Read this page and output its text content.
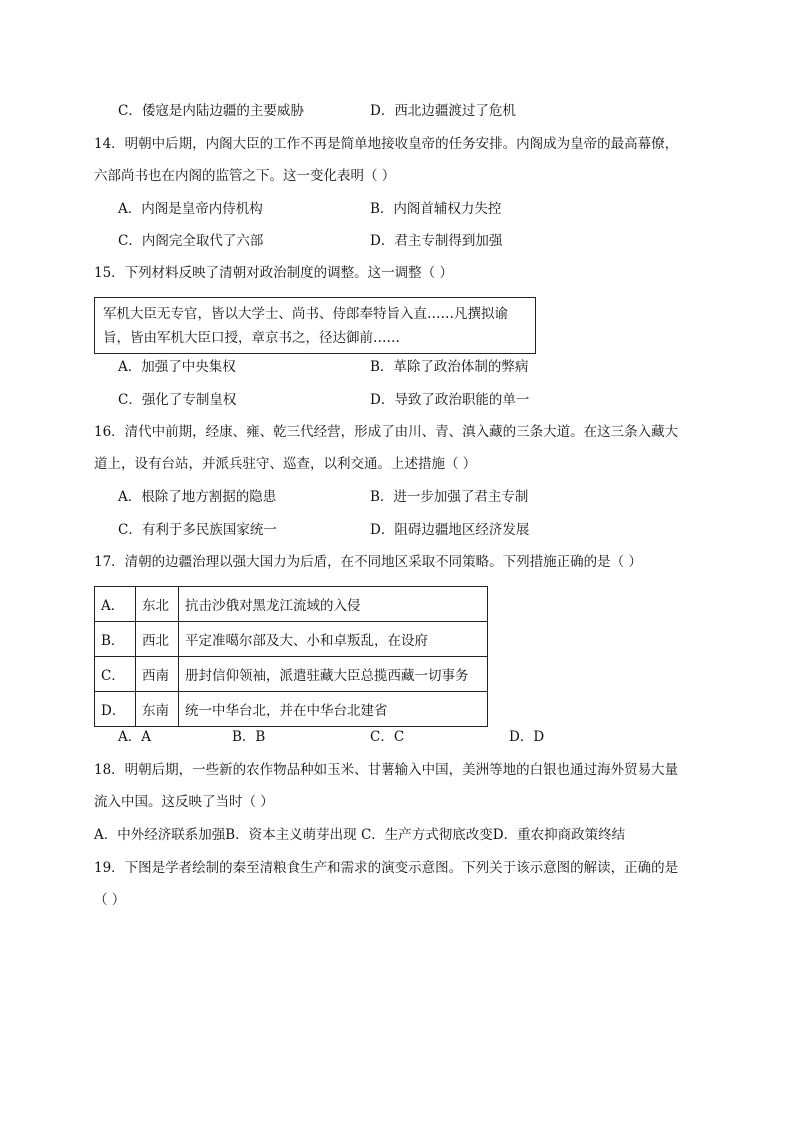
C．倭寇是内陆边疆的主要威胁	D．西北边疆渡过了危机
14．明朝中后期，内阁大臣的工作不再是简单地接收皇帝的任务安排。内阁成为皇帝的最高幕僚，
六部尚书也在内阁的监管之下。这一变化表明（ ）
A．内阁是皇帝内侍机构	B．内阁首辅权力失控
C．内阁完全取代了六部	D．君主专制得到加强
15．下列材料反映了清朝对政治制度的调整。这一调整（ ）
军机大臣无专官，皆以大学士、尚书、侍郎奉特旨入直……凡撰拟谕
旨，皆由军机大臣口授，章京书之，径达御前……
A．加强了中央集权	B．革除了政治体制的弊病
C．强化了专制皇权	D．导致了政治职能的单一
16．清代中前期，经康、雍、乾三代经营，形成了由川、青、滇入藏的三条大道。在这三条入藏大
道上，设有台站，并派兵驻守、巡查，以利交通。上述措施（ ）
A．根除了地方割据的隐患	B．进一步加强了君主专制
C．有利于多民族国家统一	D．阻碍边疆地区经济发展
17．清朝的边疆治理以强大国力为后盾，在不同地区采取不同策略。下列措施正确的是（ ）
A．	东北	抗击沙俄对黑龙江流域的入侵
B．	西北	平定准噶尔部及大、小和卓叛乱，在设府
C．	西南	册封信仰领袖，派遣驻藏大臣总揽西藏一切事务
D．	东南	统一中华台北，并在中华台北建省
A．A	B．B	C．C	D．D
18．明朝后期，一些新的农作物品种如玉米、甘薯输入中国，美洲等地的白银也通过海外贸易大量
流入中国。这反映了当时（ ）
A．中外经济联系加强B．资本主义萌芽出现 C．生产方式彻底改变D．重农抑商政策终结
19．下图是学者绘制的秦至清粮食生产和需求的演变示意图。下列关于该示意图的解读，正确的是
（ ）
